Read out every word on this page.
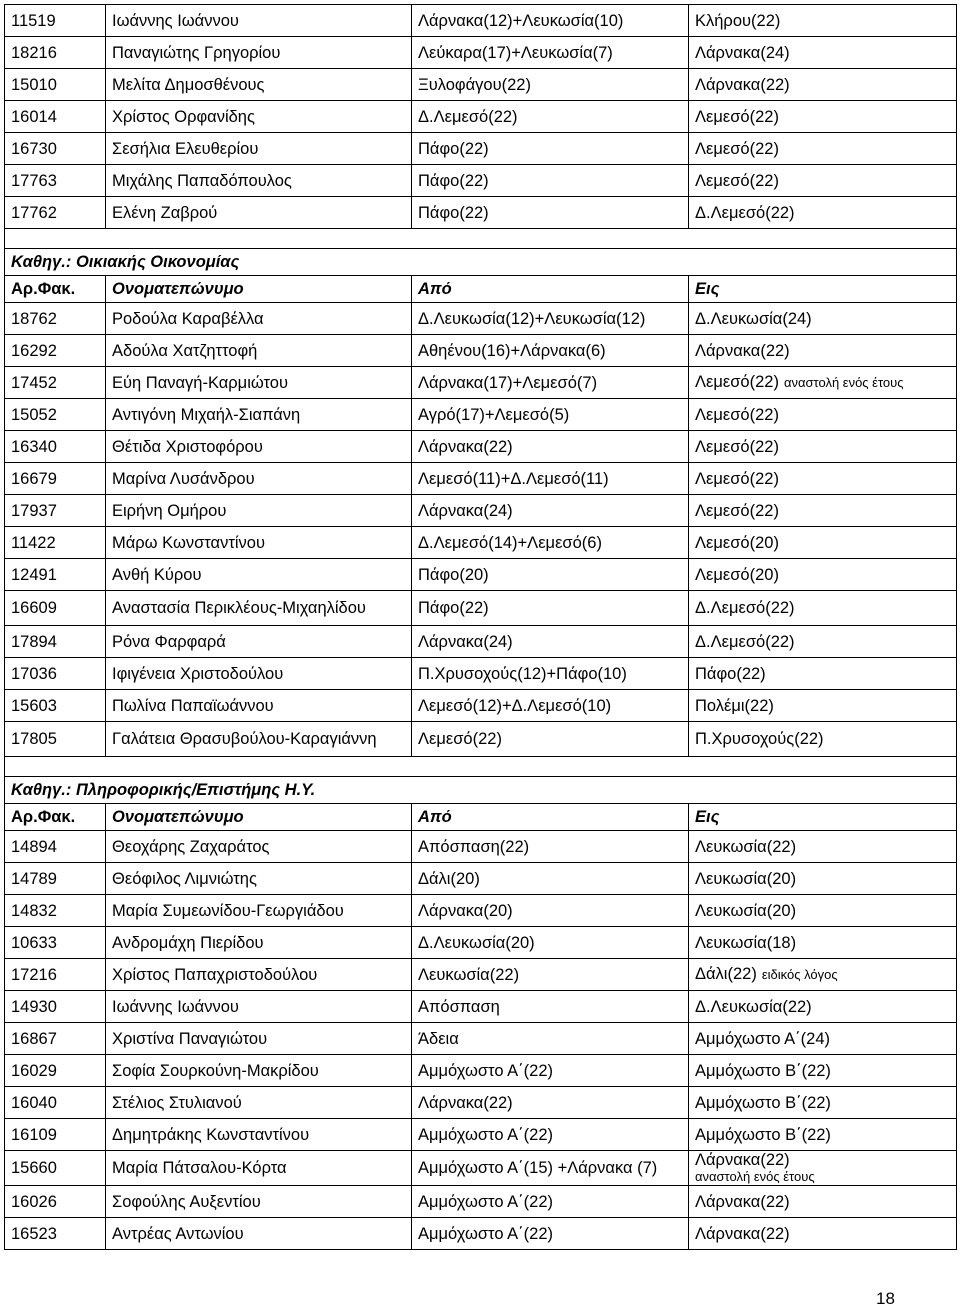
11519	Ιωάννης Ιωάννου	Λάρνακα(12)+Λευκωσία(10)	Κλήρου(22)
18216	Παναγιώτης Γρηγορίου	Λεύκαρα(17)+Λευκωσία(7)	Λάρνακα(24)
15010	Μελίτα Δημοσθένους	Ξυλοφάγου(22)	Λάρνακα(22)
16014	Χρίστος Ορφανίδης	Δ.Λεμεσό(22)	Λεμεσό(22)
16730	Σεσήλια Ελευθερίου	Πάφο(22)	Λεμεσό(22)
17763	Μιχάλης Παπαδόπουλος	Πάφο(22)	Λεμεσό(22)
17762	Ελένη Ζαβρού	Πάφο(22)	Δ.Λεμεσό(22)

Καθηγ.: Οικιακής Οικονομίας			
Αρ.Φακ.	Ονοματεπώνυμο	Από	Εις
18762	Ροδούλα Καραβέλλα	Δ.Λευκωσία(12)+Λευκωσία(12)	Δ.Λευκωσία(24)
16292	Αδούλα Χατζηττοφή	Αθηένου(16)+Λάρνακα(6)	Λάρνακα(22)
17452	Εύη Παναγή-Καρμιώτου	Λάρνακα(17)+Λεμεσό(7)	Λεμεσό(22) αναστολή ενός έτους
15052	Αντιγόνη Μιχαήλ-Σιαπάνη	Αγρό(17)+Λεμεσό(5)	Λεμεσό(22)
16340	Θέτιδα Χριστοφόρου	Λάρνακα(22)	Λεμεσό(22)
16679	Μαρίνα Λυσάνδρου	Λεμεσό(11)+Δ.Λεμεσό(11)	Λεμεσό(22)
17937	Ειρήνη Ομήρου	Λάρνακα(24)	Λεμεσό(22)
11422	Μάρω Κωνσταντίνου	Δ.Λεμεσό(14)+Λεμεσό(6)	Λεμεσό(20)
12491	Ανθή Κύρου	Πάφο(20)	Λεμεσό(20)
16609	Αναστασία Περικλέους-Μιχαηλίδου	Πάφο(22)	Δ.Λεμεσό(22)
17894	Ρόνα Φαρφαρά	Λάρνακα(24)	Δ.Λεμεσό(22)
17036	Ιφιγένεια Χριστοδούλου	Π.Χρυσοχούς(12)+Πάφο(10)	Πάφο(22)
15603	Πωλίνα Παπαϊωάννου	Λεμεσό(12)+Δ.Λεμεσό(10)	Πολέμι(22)
17805	Γαλάτεια Θρασυβούλου-Καραγιάννη	Λεμεσό(22)	Π.Χρυσοχούς(22)

Καθηγ.: Πληροφορικής/Επιστήμης Η.Υ.			
Αρ.Φακ.	Ονοματεπώνυμο	Από	Εις
14894	Θεοχάρης Ζαχαράτος	Απόσπαση(22)	Λευκωσία(22)
14789	Θεόφιλος Λιμνιώτης	Δάλι(20)	Λευκωσία(20)
14832	Μαρία Συμεωνίδου-Γεωργιάδου	Λάρνακα(20)	Λευκωσία(20)
10633	Ανδρομάχη Πιερίδου	Δ.Λευκωσία(20)	Λευκωσία(18)
17216	Χρίστος Παπαχριστοδούλου	Λευκωσία(22)	Δάλι(22) ειδικός λόγος
14930	Ιωάννης Ιωάννου	Απόσπαση	Δ.Λευκωσία(22)
16867	Χριστίνα Παναγιώτου	Άδεια	Αμμόχωστο Α΄(24)
16029	Σοφία Σουρκούνη-Μακρίδου	Αμμόχωστο Α΄(22)	Αμμόχωστο Β΄(22)
16040	Στέλιος Στυλιανού	Λάρνακα(22)	Αμμόχωστο Β΄(22)
16109	Δημητράκης Κωνσταντίνου	Αμμόχωστο Α΄(22)	Αμμόχωστο Β΄(22)
15660	Μαρία Πάτσαλου-Κόρτα	Αμμόχωστο Α΄(15) +Λάρνακα (7)	Λάρνακα(22)
αναστολή ενός έτους
16026	Σοφούλης Αυξεντίου	Αμμόχωστο Α΄(22)	Λάρνακα(22)
16523	Αντρέας Αντωνίου	Αμμόχωστο Α΄(22)	Λάρνακα(22)
18
